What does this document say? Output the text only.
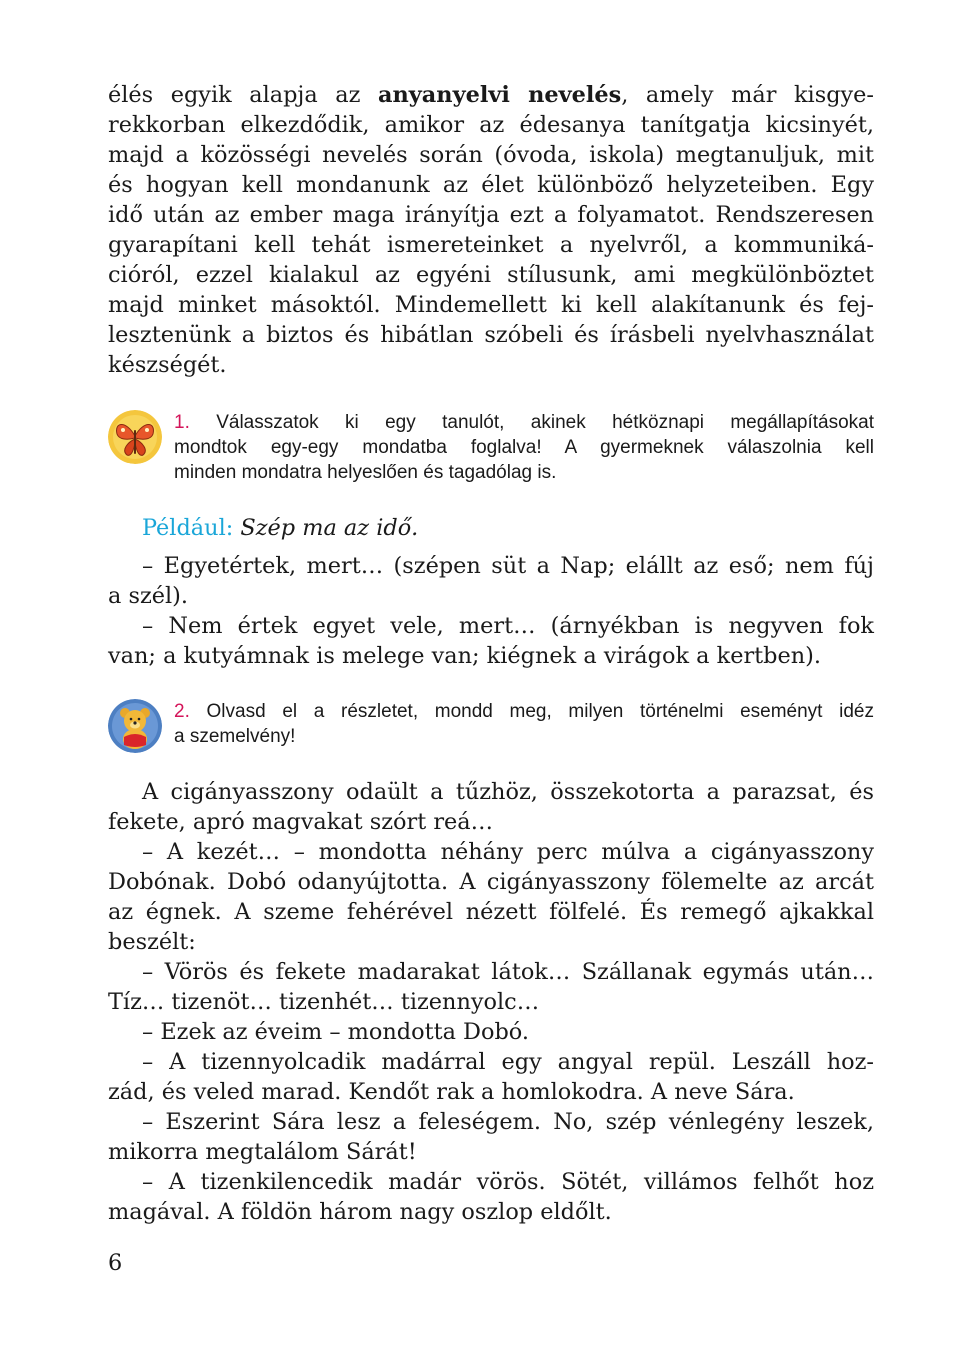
élés egyik alapja az anyanyelvi nevelés, amely már kisgye-
rekkorban elkezdődik, amikor az édesanya tanítgatja kicsinyét,
majd a közösségi nevelés során (óvoda, iskola) megtanuljuk, mit
és hogyan kell mondanunk az élet különböző helyzeteiben. Egy
idő után az ember maga irányítja ezt a folyamatot. Rendszeresen
gyarapítani kell tehát ismereteinket a nyelvről, a kommuniká-
cióról, ezzel kialakul az egyéni stílusunk, ami megkülönböztet
majd minket másoktól. Mindemellett ki kell alakítanunk és fej-
lesztenünk a biztos és hibátlan szóbeli és írásbeli nyelvhasználat
készségét.
1. Válasszatok ki egy tanulót, akinek hétköznapi megállapításokat
mondtok egy-egy mondatba foglalva! A gyermeknek válaszolnia kell
minden mondatra helyeslően és tagadólag is.
Például: Szép ma az idő.
– Egyetértek, mert… (szépen süt a Nap; elállt az eső; nem fúj
a szél).
– Nem értek egyet vele, mert… (árnyékban is negyven fok
van; a kutyámnak is melege van; kiégnek a virágok a kertben).
2. Olvasd el a részletet, mondd meg, milyen történelmi eseményt idéz
a szemelvény!
A cigányasszony odaült a tűzhöz, összekotorta a parazsat, és
fekete, apró magvakat szórt reá…
– A kezét… – mondotta néhány perc múlva a cigányasszony
Dobónak. Dobó odanyújtotta. A cigányasszony fölemelte az arcát
az égnek. A szeme fehérével nézett fölfelé. És remegő ajkakkal
beszélt:
– Vörös és fekete madarakat látok… Szállanak egymás után…
Tíz… tizenöt… tizenhét… tizennyolc…
– Ezek az éveim – mondotta Dobó.
– A tizennyolcadik madárral egy angyal repül. Leszáll hoz-
zád, és veled marad. Kendőt rak a homlokodra. A neve Sára.
– Eszerint Sára lesz a feleségem. No, szép vénlegény leszek,
mikorra megtalálom Sárát!
– A tizenkilencedik madár vörös. Sötét, villámos felhőt hoz
magával. A földön három nagy oszlop eldőlt.
6
